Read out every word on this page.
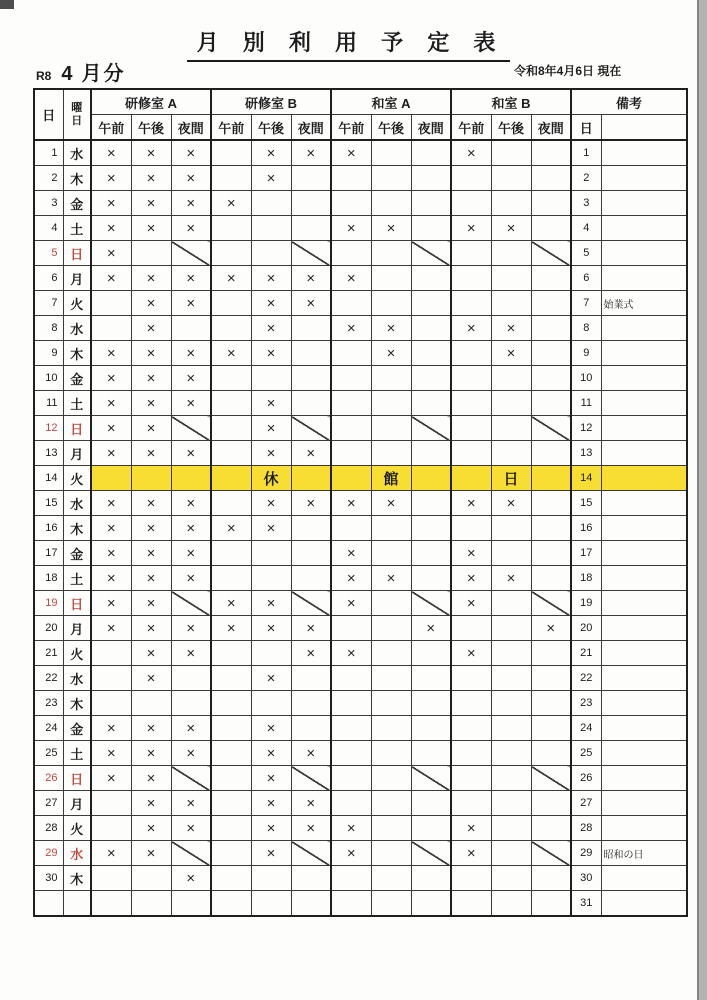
月 別 利 用 予 定 表
R8 4 月分	令和8年4月6日 現在
日	曜
日	研修室 A			研修室 B			和室 A			和室 B			備考	
		午前	午後	夜間	午前	午後	夜間	午前	午後	夜間	午前	午後	夜間	日	
1	水	×	×	×		×	×	×			×			1	
2	木	×	×	×		×								2	
3	金	×	×	×	×									3	
4	土	×	×	×				×	×		×	×		4	
5	日	×												5	
6	月	×	×	×	×	×	×	×						6	
7	火		×	×		×	×							7	始業式
8	水		×			×		×	×		×	×		8	
9	木	×	×	×	×	×			×			×		9	
10	金	×	×	×										10	
11	土	×	×	×		×								11	
12	日	×	×			×								12	
13	月	×	×	×		×	×							13	
14	火					休			館			日		14	
15	水	×	×	×		×	×	×	×		×	×		15	
16	木	×	×	×	×	×								16	
17	金	×	×	×				×			×			17	
18	土	×	×	×				×	×		×	×		18	
19	日	×	×		×	×		×			×			19	
20	月	×	×	×	×	×	×			×			×	20	
21	火		×	×			×	×			×			21	
22	水		×			×								22	
23	木													23	
24	金	×	×	×		×								24	
25	土	×	×	×		×	×							25	
26	日	×	×			×								26	
27	月		×	×		×	×							27	
28	火		×	×		×	×	×			×			28	
29	水	×	×			×		×			×			29	昭和の日
30	木			×										30	
														31	
